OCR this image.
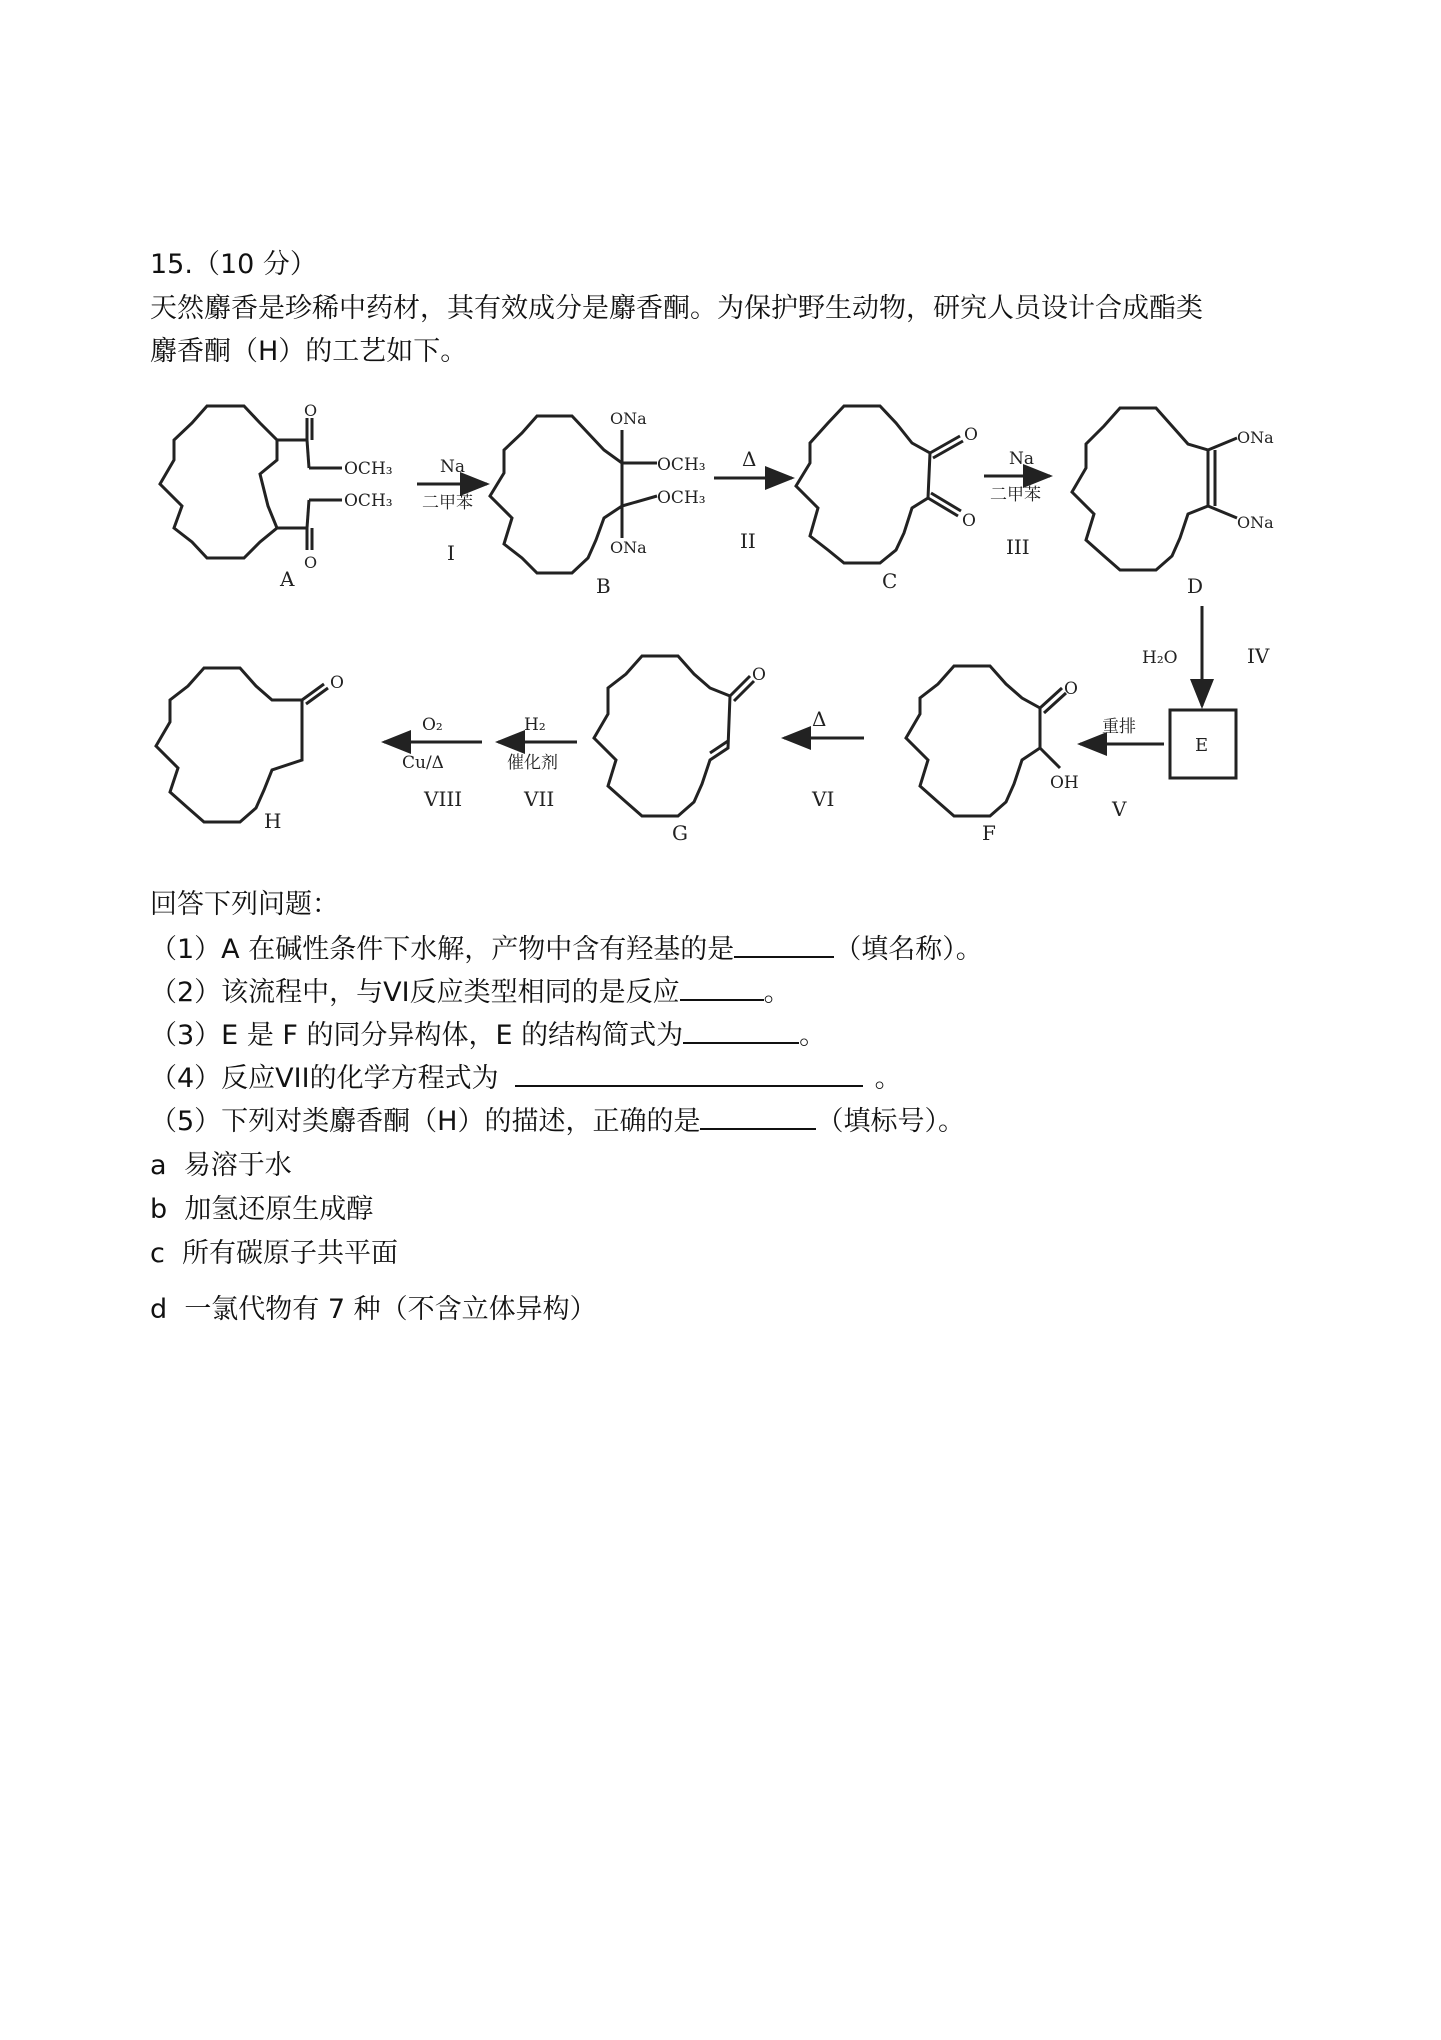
15.（10 分）
天然麝香是珍稀中药材，其有效成分是麝香酮。为保护野生动物，研究人员设计合成酯类
麝香酮（H）的工艺如下。
O
O
OCH₃
OCH₃
A
Na
二甲苯
I
ONa
ONa
OCH₃
OCH₃
B
Δ
II
O
O
C
Na
二甲苯
III
ONa
ONa
D
H₂O	IV
E
重排
V
O
OH
F
Δ
VI
O
G
H₂
催化剂
VII
O₂
Cu/Δ
VIII
O
H
回答下列问题：
（1）A 在碱性条件下水解，产物中含有羟基的是	（填名称）。
（2）该流程中，与VI反应类型相同的是反应	。
（3）E 是 F 的同分异构体，E 的结构简式为	。
（4）反应VII的化学方程式为	。
（5）下列对类麝香酮（H）的描述，正确的是	（填标号）。
a 易溶于水
b 加氢还原生成醇
c 所有碳原子共平面
d 一氯代物有 7 种（不含立体异构）
